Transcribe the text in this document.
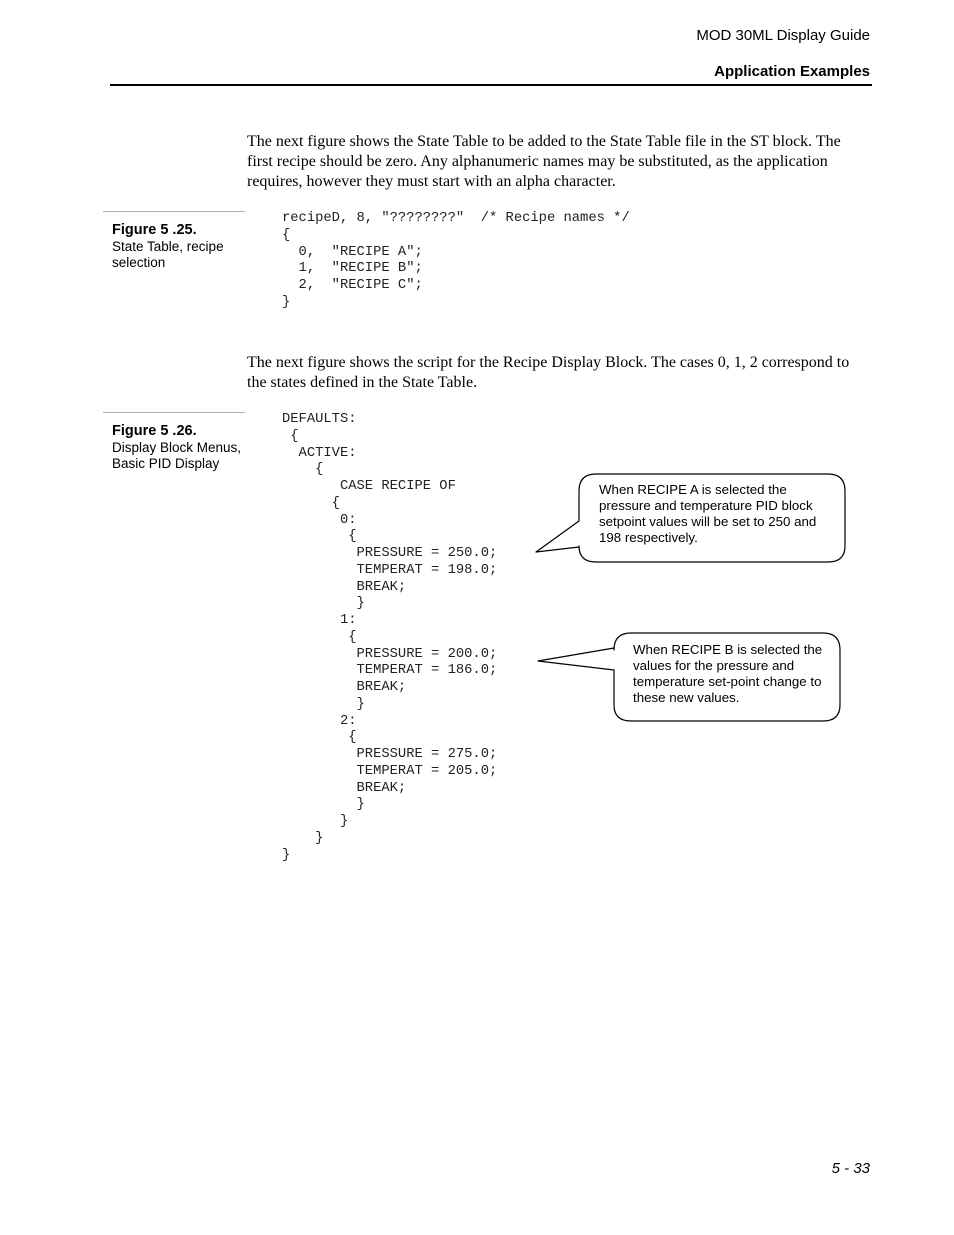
MOD 30ML Display Guide
Application Examples

The next figure shows the State Table to be added to the State Table file in the ST block. The first recipe should be zero. Any alphanumeric names may be substituted, as the application requires, however they must start with an alpha character.

Figure 5 .25.
State Table, recipe selection
recipeD, 8, "????????"  /* Recipe names */
{
0,  "RECIPE A";
1,  "RECIPE B";
2,  "RECIPE C";
}

The next figure shows the script for the Recipe Display Block. The cases 0, 1, 2 correspond to the states defined in the State Table.

Figure 5 .26.
Display Block Menus, Basic PID Display
DEFAULTS:
{
ACTIVE:
{
CASE RECIPE OF
{
0:
{
PRESSURE = 250.0;
TEMPERAT = 198.0;
BREAK;
}
1:
{
PRESSURE = 200.0;
TEMPERAT = 186.0;
BREAK;
}
2:
{
PRESSURE = 275.0;
TEMPERAT = 205.0;
BREAK;
}
}
}
}
When RECIPE A is selected the pressure and temperature PID block setpoint values will be set to 250 and 198 respectively.
When RECIPE B is selected the values for the pressure and temperature set-point change to these new values.
5 - 33
